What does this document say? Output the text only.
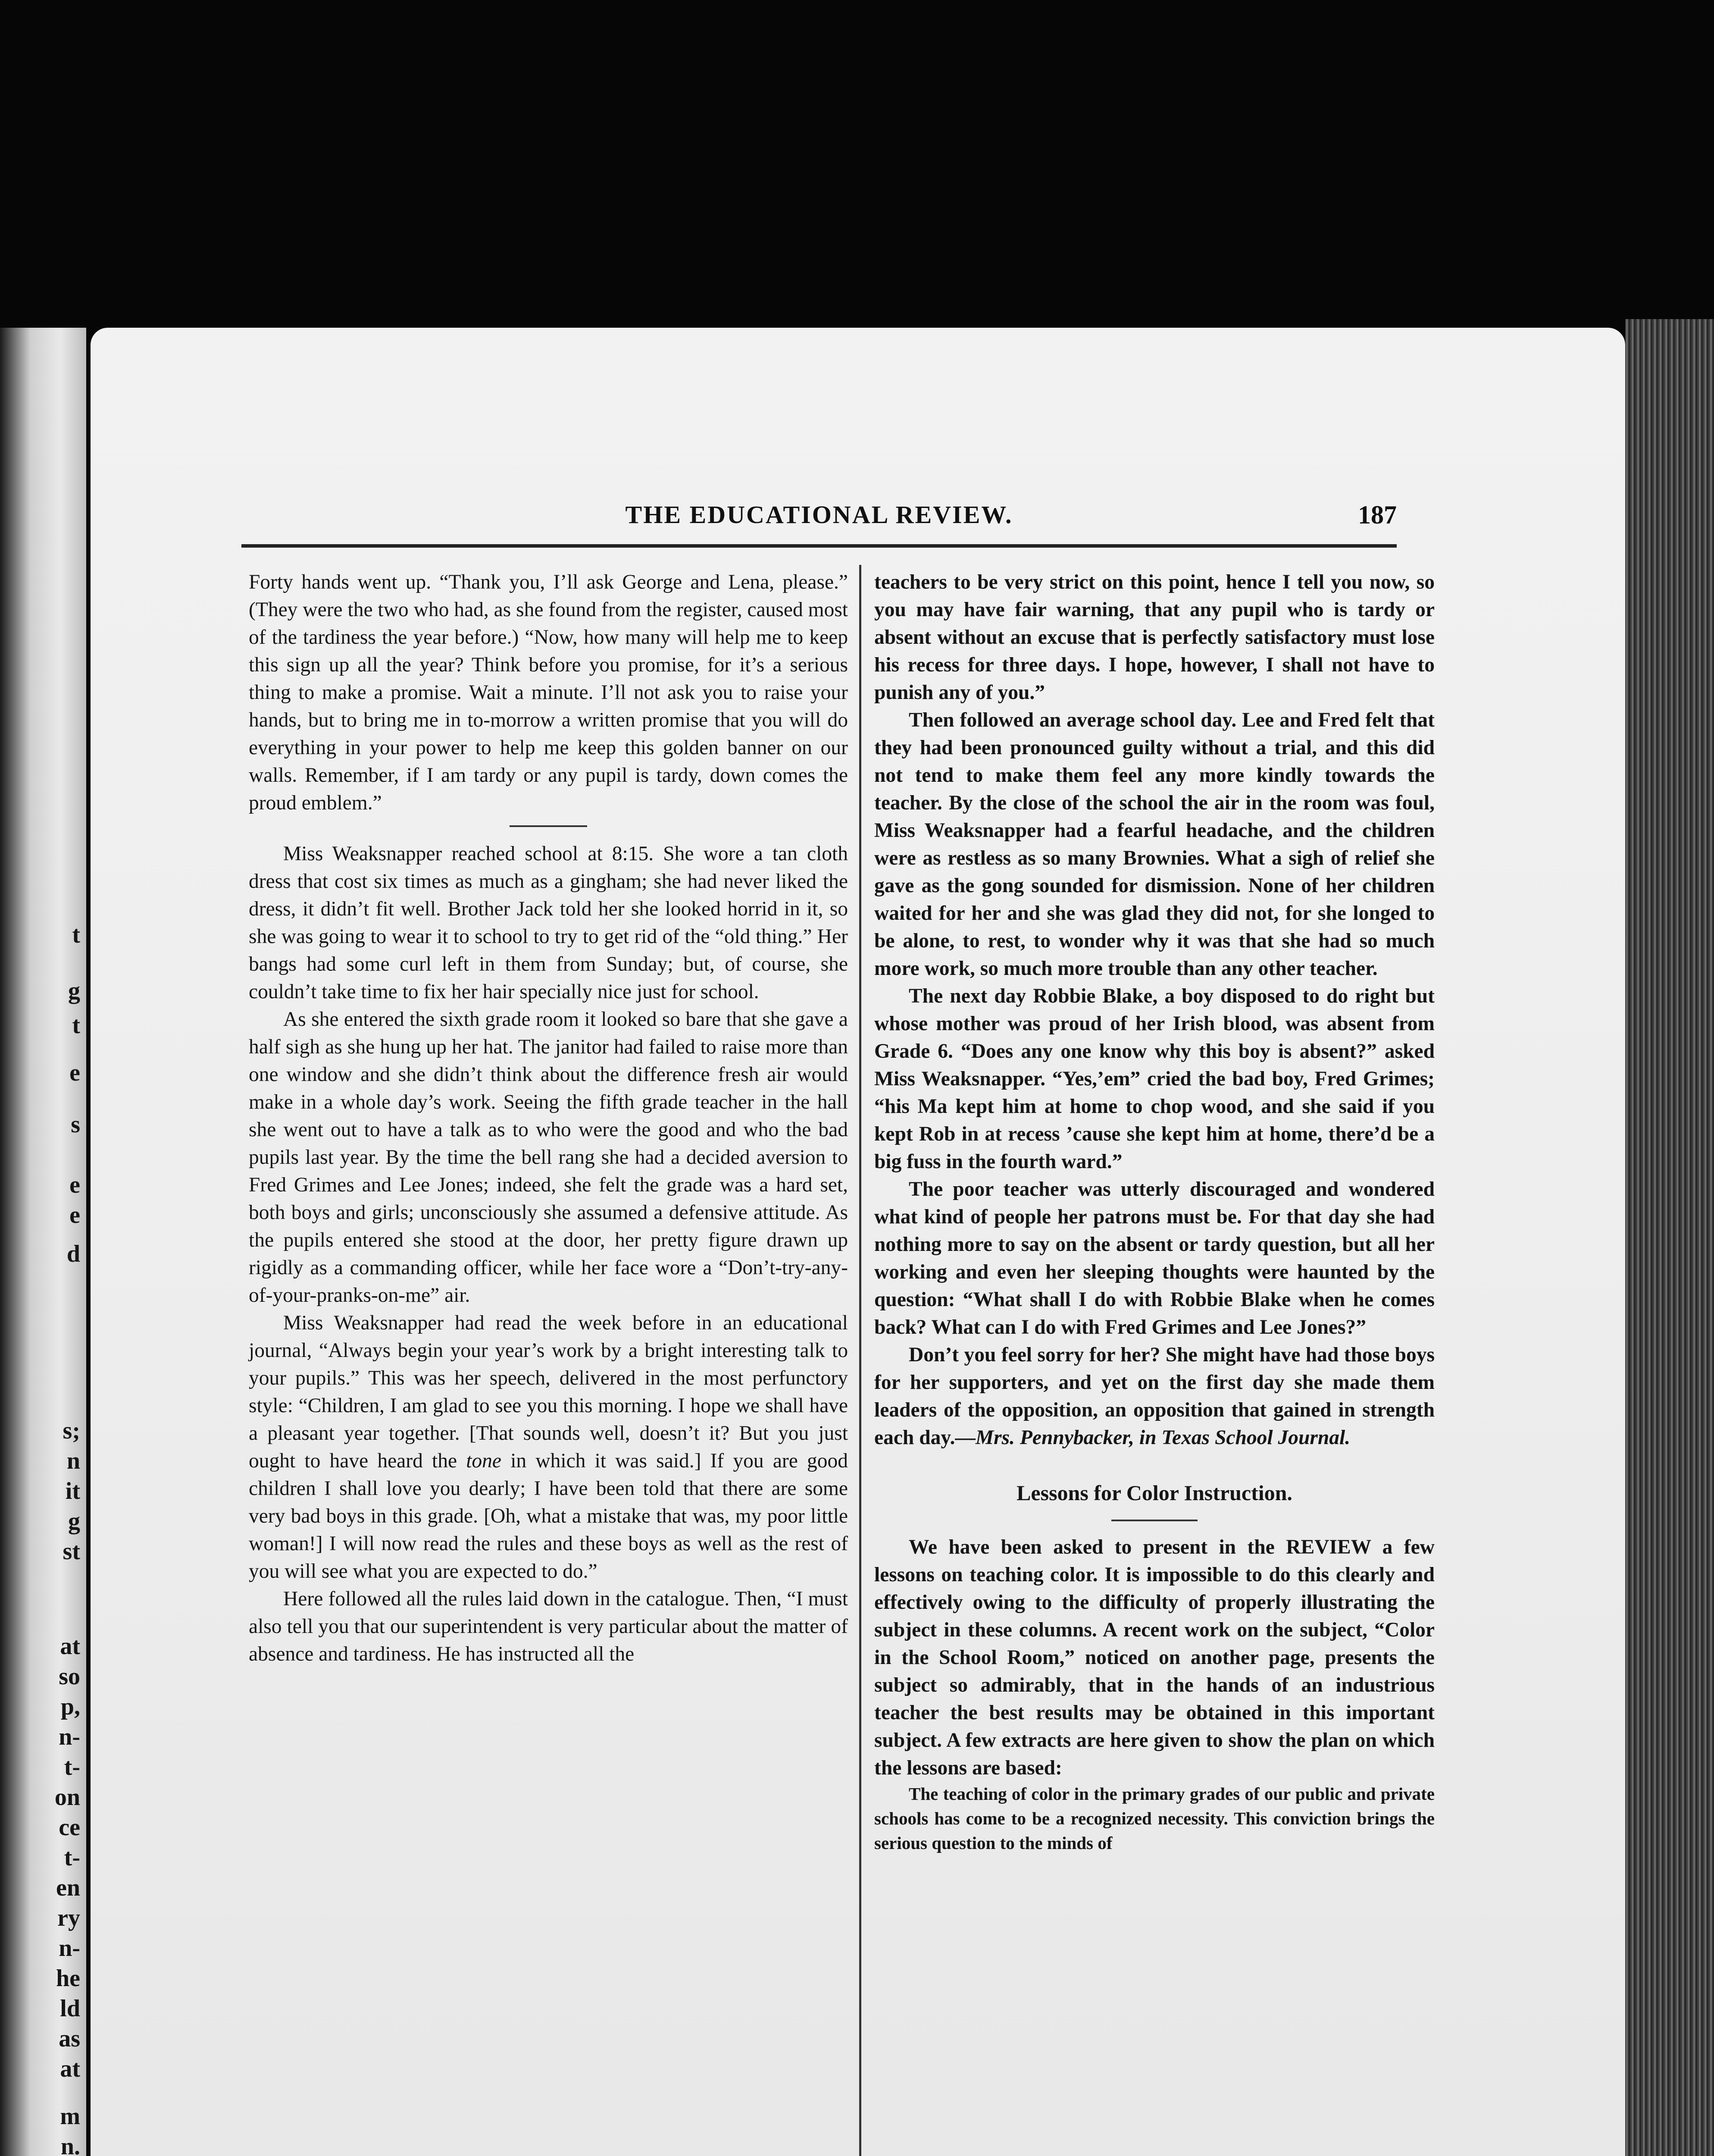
t
g
t
e
s
e
e
d
s;
n
it
g
st
at
so
p,
n-
t-
on
ce
t-
en
ry
n-
he
ld
as
at
m
n.
THE EDUCATIONAL REVIEW.	187

Forty hands went up. “Thank you, I’ll ask George and Lena, please.” (They were the two who had, as she found from the register, caused most of the tardiness the year before.) “Now, how many will help me to keep this sign up all the year? Think before you promise, for it’s a serious thing to make a promise. Wait a minute. I’ll not ask you to raise your hands, but to bring me in to-morrow a written promise that you will do everything in your power to help me keep this golden banner on our walls. Remember, if I am tardy or any pupil is tardy, down comes the proud emblem.”

Miss Weaksnapper reached school at 8:15. She wore a tan cloth dress that cost six times as much as a gingham; she had never liked the dress, it didn’t fit well. Brother Jack told her she looked horrid in it, so she was going to wear it to school to try to get rid of the “old thing.” Her bangs had some curl left in them from Sunday; but, of course, she couldn’t take time to fix her hair specially nice just for school.

As she entered the sixth grade room it looked so bare that she gave a half sigh as she hung up her hat. The janitor had failed to raise more than one window and she didn’t think about the difference fresh air would make in a whole day’s work. Seeing the fifth grade teacher in the hall she went out to have a talk as to who were the good and who the bad pupils last year. By the time the bell rang she had a decided aversion to Fred Grimes and Lee Jones; indeed, she felt the grade was a hard set, both boys and girls; unconsciously she assumed a defensive attitude. As the pupils entered she stood at the door, her pretty figure drawn up rigidly as a commanding officer, while her face wore a “Don’t-try-any-of-your-pranks-on-me” air.

Miss Weaksnapper had read the week before in an educational journal, “Always begin your year’s work by a bright interesting talk to your pupils.” This was her speech, delivered in the most perfunctory style: “Children, I am glad to see you this morning. I hope we shall have a pleasant year together. [That sounds well, doesn’t it? But you just ought to have heard the tone in which it was said.] If you are good children I shall love you dearly; I have been told that there are some very bad boys in this grade. [Oh, what a mistake that was, my poor little woman!] I will now read the rules and these boys as well as the rest of you will see what you are expected to do.”

Here followed all the rules laid down in the catalogue. Then, “I must also tell you that our superintendent is very particular about the matter of absence and tardiness. He has instructed all the

teachers to be very strict on this point, hence I tell you now, so you may have fair warning, that any pupil who is tardy or absent without an excuse that is perfectly satisfactory must lose his recess for three days. I hope, however, I shall not have to punish any of you.”

Then followed an average school day. Lee and Fred felt that they had been pronounced guilty without a trial, and this did not tend to make them feel any more kindly towards the teacher. By the close of the school the air in the room was foul, Miss Weaksnapper had a fearful headache, and the children were as restless as so many Brownies. What a sigh of relief she gave as the gong sounded for dismission. None of her children waited for her and she was glad they did not, for she longed to be alone, to rest, to wonder why it was that she had so much more work, so much more trouble than any other teacher.

The next day Robbie Blake, a boy disposed to do right but whose mother was proud of her Irish blood, was absent from Grade 6. “Does any one know why this boy is absent?” asked Miss Weaksnapper. “Yes,’em” cried the bad boy, Fred Grimes; “his Ma kept him at home to chop wood, and she said if you kept Rob in at recess ’cause she kept him at home, there’d be a big fuss in the fourth ward.”

The poor teacher was utterly discouraged and wondered what kind of people her patrons must be. For that day she had nothing more to say on the absent or tardy question, but all her working and even her sleeping thoughts were haunted by the question: “What shall I do with Robbie Blake when he comes back? What can I do with Fred Grimes and Lee Jones?”

Don’t you feel sorry for her? She might have had those boys for her supporters, and yet on the first day she made them leaders of the opposition, an opposition that gained in strength each day.—Mrs. Pennybacker, in Texas School Journal.

Lessons for Color Instruction.

We have been asked to present in the REVIEW a few lessons on teaching color. It is impossible to do this clearly and effectively owing to the difficulty of properly illustrating the subject in these columns. A recent work on the subject, “Color in the School Room,” noticed on another page, presents the subject so admirably, that in the hands of an industrious teacher the best results may be obtained in this important subject. A few extracts are here given to show the plan on which the lessons are based:

The teaching of color in the primary grades of our public and private schools has come to be a recognized necessity. This conviction brings the serious question to the minds of
